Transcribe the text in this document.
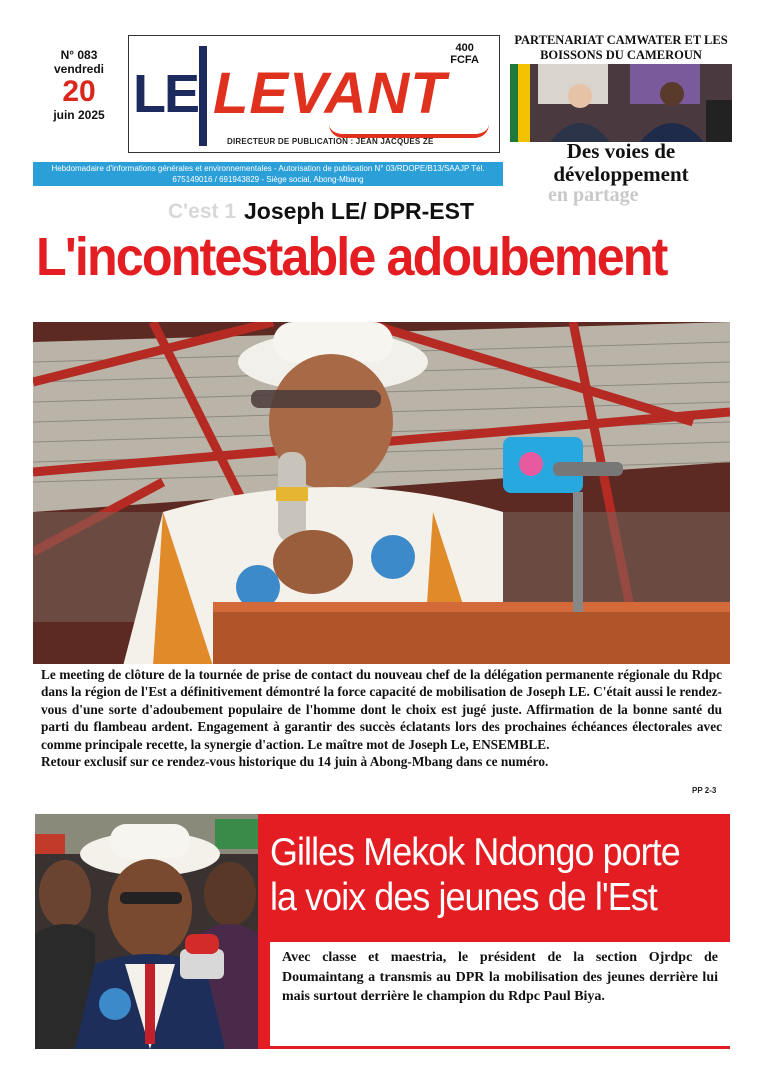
N° 083
vendredi
20
juin 2025
400
FCFA
LE LEVANT
DIRECTEUR DE PUBLICATION : JEAN JACQUES ZE
Hebdomadaire d'informations générales et environnementales - Autorisation de publication N° 03/RDOPE/B13/SAAJP Tél. 675149016 / 691943829 - Siège social, Abong-Mbang
PARTENARIAT CAMWATER ET LES BOISSONS DU CAMEROUN
Des voies de développement
en partage
C'est 1 Joseph LE/ DPR-EST
L'incontestable adoubement

Le meeting de clôture de la tournée de prise de contact du nouveau chef de la délégation permanente régionale du Rdpc dans la région de l'Est a définitivement démontré la force capacité de mobilisation de Joseph LE. C'était aussi le rendez-vous d'une sorte d'adoubement populaire de l'homme dont le choix est jugé juste. Affirmation de la bonne santé du parti du flambeau ardent. Engagement à garantir des succès éclatants lors des prochaines échéances électorales avec comme principale recette, la synergie d'action. Le maître mot de Joseph Le, ENSEMBLE.

Retour exclusif sur ce rendez-vous historique du 14 juin à Abong-Mbang dans ce numéro.

PP 2-3
Gilles Mekok Ndongo porte
la voix des jeunes de l'Est
Avec classe et maestria, le président de la section Ojrdpc de Doumaintang a transmis au DPR la mobilisation des jeunes derrière lui mais surtout derrière le champion du Rdpc Paul Biya.
